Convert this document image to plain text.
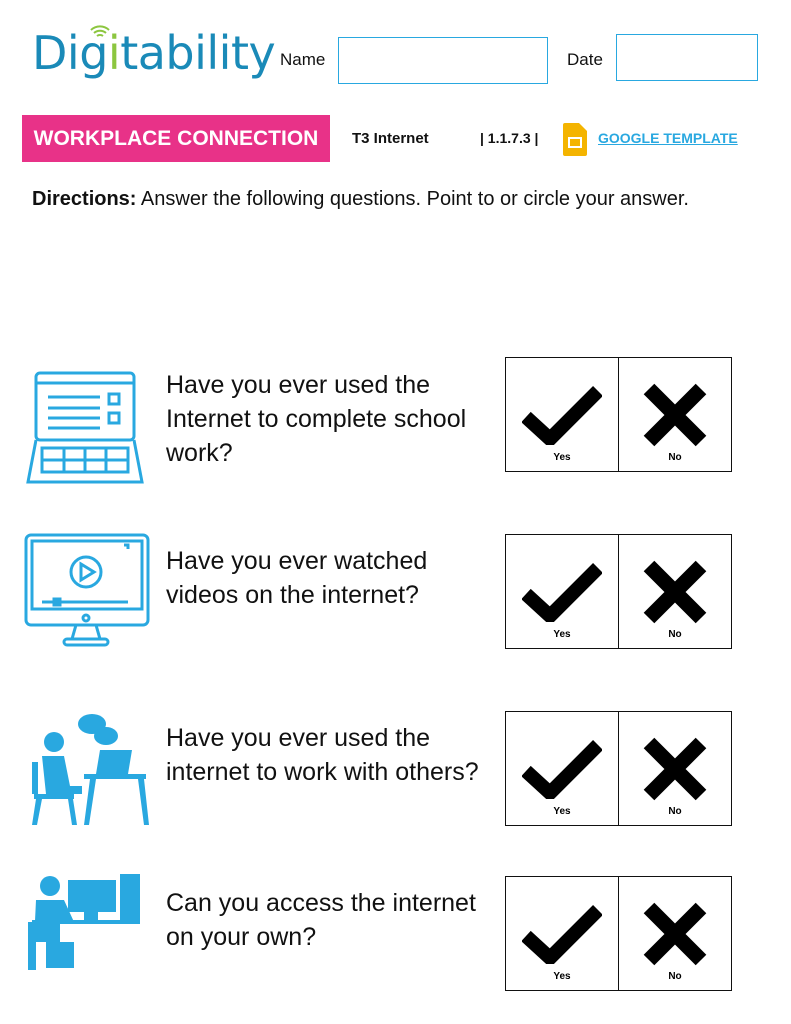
Digitability Name	Date
WORKPLACE CONNECTION	T3 Internet	| 1.1.7.3 |	GOOGLE TEMPLATE
Directions: Answer the following questions. Point to or circle your answer.
Have you ever used the Internet to complete school work?	Yes	No
Have you ever watched videos on the internet?
Yes	No
Have you ever used the internet to work with others?
Yes	No
Can you access the internet on your own?
Yes	No
